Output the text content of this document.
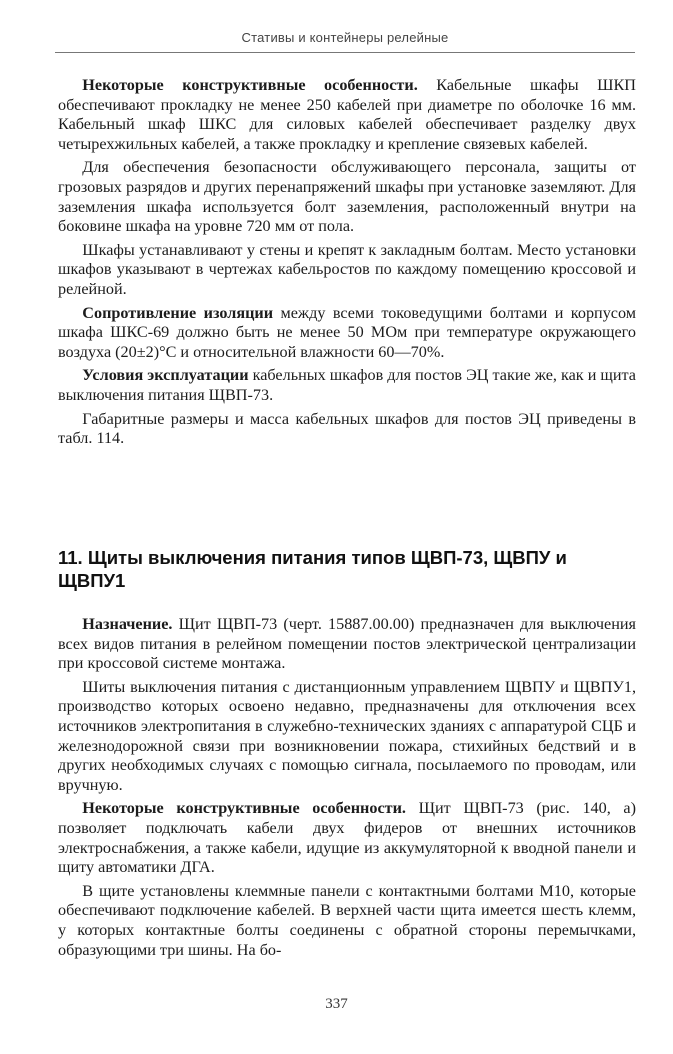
Стативы и контейнеры релейные

Некоторые конструктивные особенности. Кабельные шкафы ШКП обеспечивают прокладку не менее 250 кабелей при диаметре по оболочке 16 мм. Кабельный шкаф ШКС для силовых кабелей обеспечивает разделку двух четырехжильных кабелей, а также прокладку и крепление связевых кабелей.

Для обеспечения безопасности обслуживающего персонала, защиты от грозовых разрядов и других перенапряжений шкафы при установке заземляют. Для заземления шкафа используется болт заземления, расположенный внутри на боковине шкафа на уровне 720 мм от пола.

Шкафы устанавливают у стены и крепят к закладным болтам. Место установки шкафов указывают в чертежах кабельростов по каждому помещению кроссовой и релейной.

Сопротивление изоляции между всеми токоведущими болтами и корпусом шкафа ШКС-69 должно быть не менее 50 МОм при температуре окружающего воздуха (20±2)°C и относительной влажности 60—70%.

Условия эксплуатации кабельных шкафов для постов ЭЦ такие же, как и щита выключения питания ЩВП-73.

Габаритные размеры и масса кабельных шкафов для постов ЭЦ приведены в табл. 114.

11. Щиты выключения питания типов ЩВП-73, ЩВПУ и ЩВПУ1

Назначение. Щит ЩВП-73 (черт. 15887.00.00) предназначен для выключения всех видов питания в релейном помещении постов электрической централизации при кроссовой системе монтажа.

Шиты выключения питания с дистанционным управлением ЩВПУ и ЩВПУ1, производство которых освоено недавно, предназначены для отключения всех источников электропитания в служебно-технических зданиях с аппаратурой СЦБ и железнодорожной связи при возникновении пожара, стихийных бедствий и в других необходимых случаях с помощью сигнала, посылаемого по проводам, или вручную.

Некоторые конструктивные особенности. Щит ЩВП-73 (рис. 140, а) позволяет подключать кабели двух фидеров от внешних источников электроснабжения, а также кабели, идущие из аккумуляторной к вводной панели и щиту автоматики ДГА.

В щите установлены клеммные панели с контактными болтами М10, которые обеспечивают подключение кабелей. В верхней части щита имеется шесть клемм, у которых контактные болты соединены с обратной стороны перемычками, образующими три шины. На бо-

337
